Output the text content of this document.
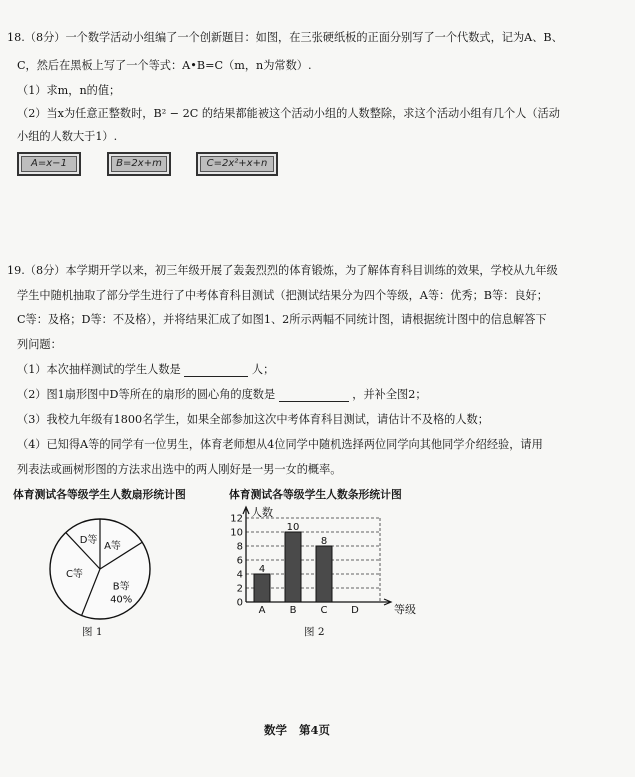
18.（8分）一个数学活动小组编了一个创新题目：如图，在三张硬纸板的正面分别写了一个代数式，记为A、B、
C，然后在黑板上写了一个等式：A•B=C（m，n为常数）.
（1）求m，n的值；
（2）当x为任意正整数时，B² − 2C 的结果都能被这个活动小组的人数整除，求这个活动小组有几个人（活动
小组的人数大于1）.
A=x−1	B=2x+m	C=2x²+x+n
19.（8分）本学期开学以来，初三年级开展了轰轰烈烈的体育锻炼，为了解体育科目训练的效果，学校从九年级
学生中随机抽取了部分学生进行了中考体育科目测试（把测试结果分为四个等级，A等：优秀；B等：良好；
C等：及格；D等：不及格），并将结果汇成了如图1、2所示两幅不同统计图，请根据统计图中的信息解答下
列问题：
（1）本次抽样测试的学生人数是	人；
（2）图1扇形图中D等所在的扇形的圆心角的度数是	，并补全图2；
（3）我校九年级有1800名学生，如果全部参加这次中考体育科目测试，请估计不及格的人数；
（4）已知得A等的同学有一位男生，体育老师想从4位同学中随机选择两位同学向其他同学介绍经验，请用
列表法或画树形图的方法求出选中的两人刚好是一男一女的概率。
体育测试各等级学生人数扇形统计图	体育测试各等级学生人数条形统计图
A等
B等
40%
C等
D等
0
2
4
6
8
10
12 人数
等级
4
A
10
B
8
C D
图 1	图 2
数学 第4页
